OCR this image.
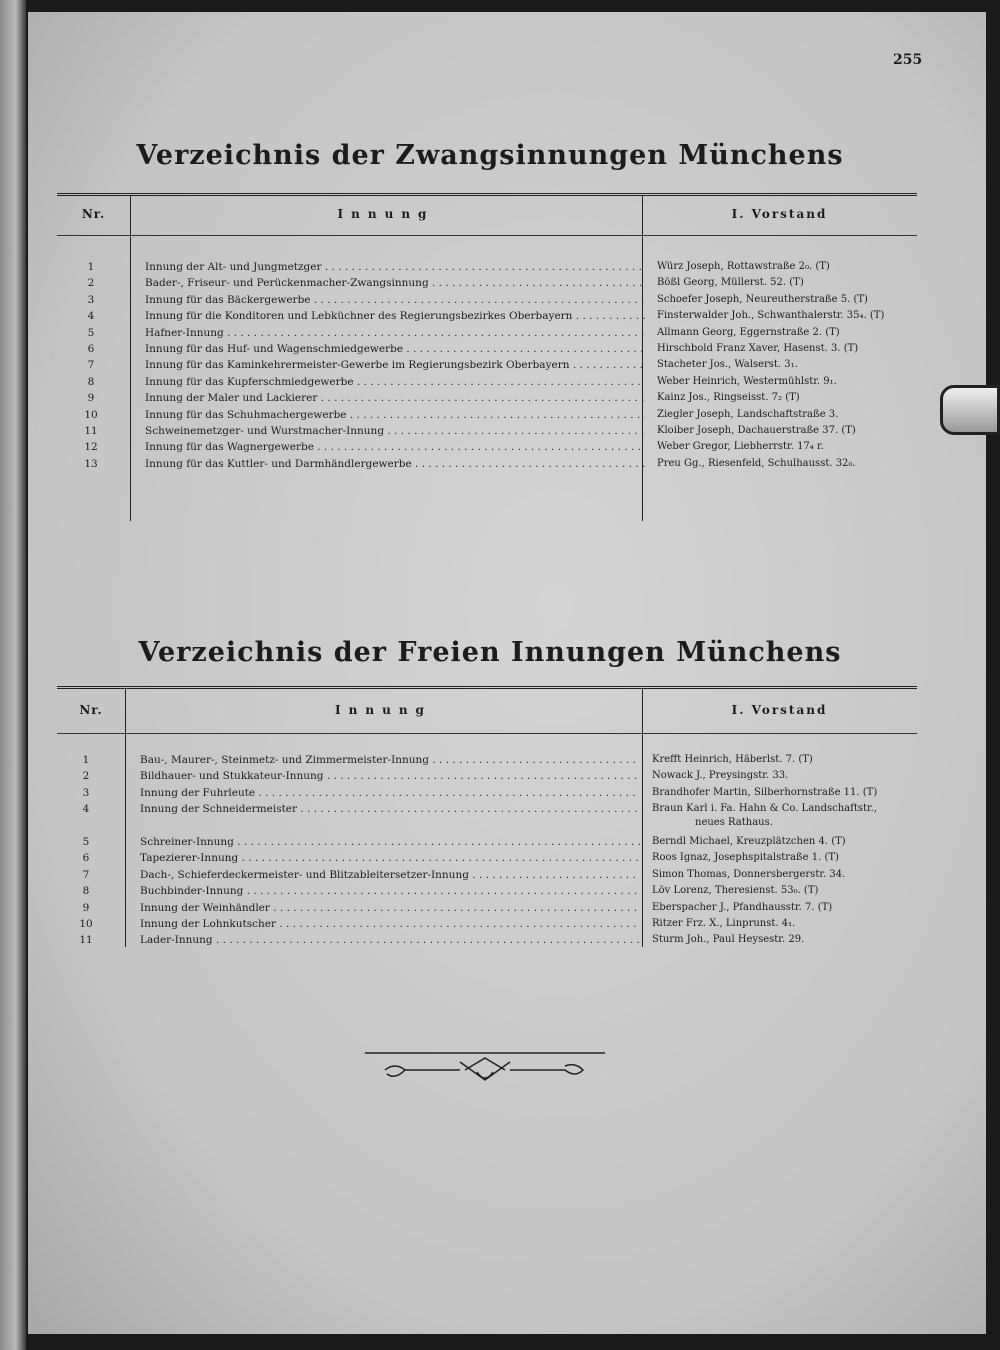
255
Verzeichnis der Zwangsinnungen Münchens
Nr.	Innung	I. Vorstand
1	Innung der Alt- und Jungmetzger . . .	Würz Joseph, Rottawstraße 2₀. (T)
2	Bader-, Friseur- und Perückenmacher-Zwangsinnung . . .	Bößl Georg, Müllerst. 52. (T)
3	Innung für das Bäckergewerbe . . .	Schoefer Joseph, Neureutherstraße 5. (T)
4	Innung für die Konditoren und Lebküchner des Regierungsbezirkes Oberbayern . . .	Finsterwalder Joh., Schwanthalerstr. 35₄. (T)
5	Hafner-Innung . . .	Allmann Georg, Eggernstraße 2. (T)
6	Innung für das Huf- und Wagenschmiedgewerbe . . .	Hirschbold Franz Xaver, Hasenst. 3. (T)
7	Innung für das Kaminkehrermeister-Gewerbe im Regierungsbezirk Oberbayern . . .	Stacheter Jos., Walserst. 3₁.
8	Innung für das Kupferschmiedgewerbe . . .	Weber Heinrich, Westermühlstr. 9₁.
9	Innung der Maler und Lackierer . . .	Kainz Jos., Ringseisst. 7₂ (T)
10	Innung für das Schuhmachergewerbe . . .	Ziegler Joseph, Landschaftstraße 3.
11	Schweinemetzger- und Wurstmacher-Innung . . .	Kloiber Joseph, Dachauerstraße 37. (T)
12	Innung für das Wagnergewerbe . . .	Weber Gregor, Liebherrstr. 17₄ r.
13	Innung für das Kuttler- und Darmhändlergewerbe . . .	Preu Gg., Riesenfeld, Schulhausst. 32₀.
Verzeichnis der Freien Innungen Münchens
Nr.	Innung	I. Vorstand
1	Bau-, Maurer-, Steinmetz- und Zimmermeister-Innung . . .	Krefft Heinrich, Häberlst. 7. (T)
2	Bildhauer- und Stukkateur-Innung . . .	Nowack J., Preysingstr. 33.
3	Innung der Fuhrleute . . .	Brandhofer Martin, Silberhornstraße 11. (T)
4	Innung der Schneidermeister . . .	Braun Karl i. Fa. Hahn & Co. Landschaftstr.,
neues Rathaus.
5	Schreiner-Innung . . .	Berndl Michael, Kreuzplätzchen 4. (T)
6	Tapezierer-Innung . . .	Roos Ignaz, Josephspitalstraße 1. (T)
7	Dach-, Schieferdeckermeister- und Blitzableitersetzer-Innung . . .	Simon Thomas, Donnersbergerstr. 34.
8	Buchbinder-Innung . . .	Löv Lorenz, Theresienst. 53₀. (T)
9	Innung der Weinhändler . . .	Eberspacher J., Pfandhausstr. 7. (T)
10	Innung der Lohnkutscher . . .	Ritzer Frz. X., Linprunst. 4₁.
11	Lader-Innung . . .	Sturm Joh., Paul Heysestr. 29.
